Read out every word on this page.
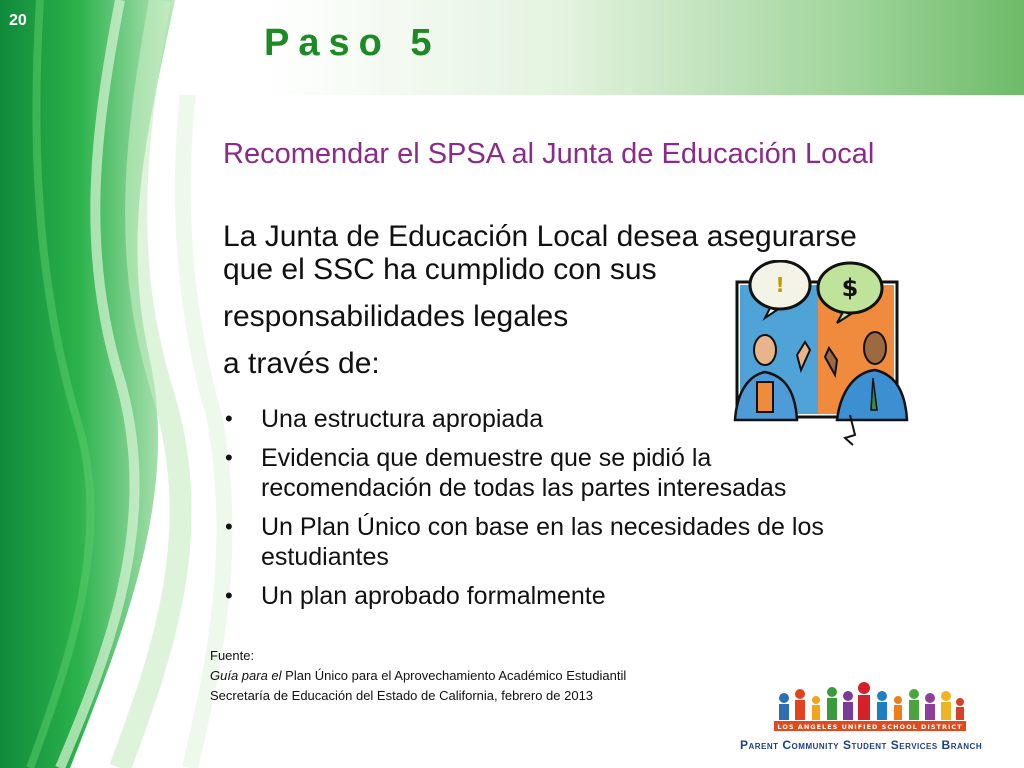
20
Paso 5
Recomendar el SPSA al Junta de Educación Local
La Junta de Educación Local desea asegurarse
que el SSC ha cumplido con sus
responsabilidades legales
a través de:
• Una estructura apropiada
• Evidencia que demuestre que se pidió la recomendación de todas las partes interesadas
• Un Plan Único con base en las necesidades de los estudiantes
• Un plan aprobado formalmente
! $
Fuente:
Guía para el Plan Único para el Aprovechamiento Académico Estudiantil
Secretaría de Educación del Estado de California, febrero de 2013
LOS ANGELES UNIFIED SCHOOL DISTRICT
Parent Community Student Services Branch
